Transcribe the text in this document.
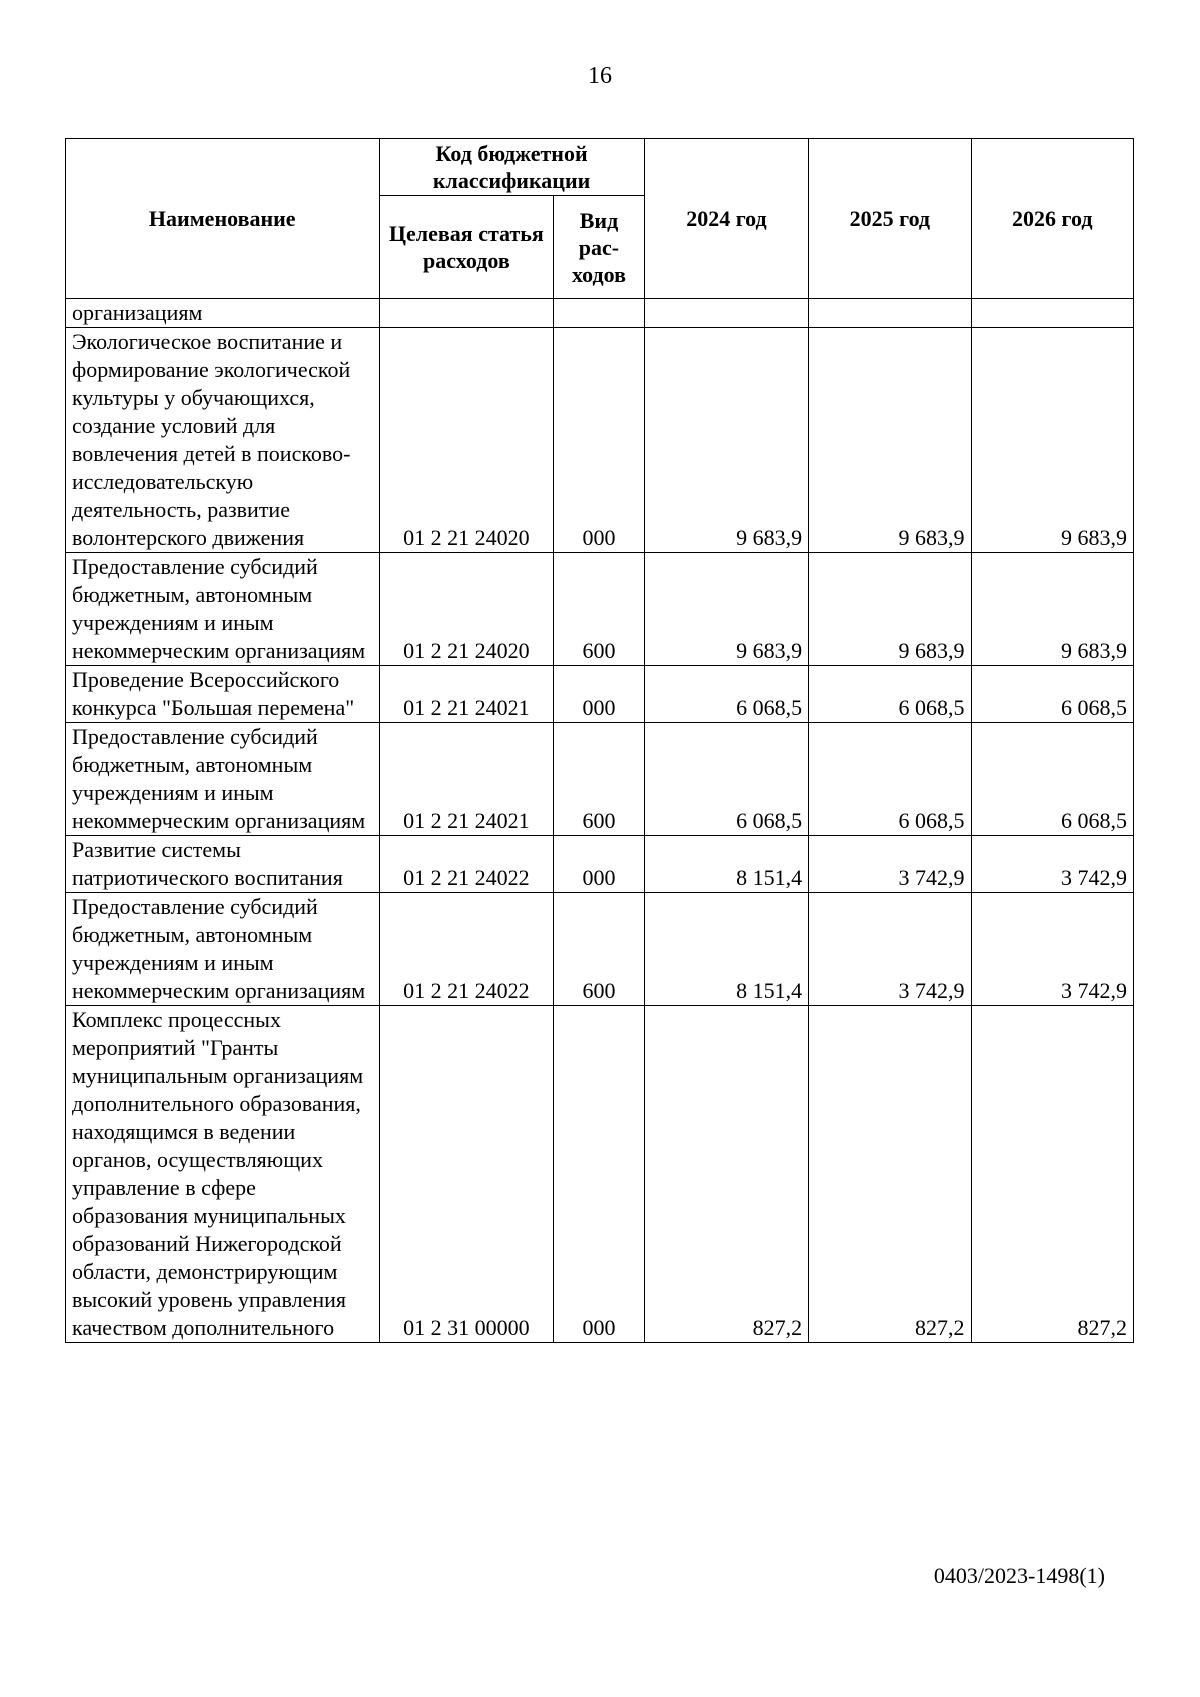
16
Наименование	Код бюджетной классификации		2024 год	2025 год	2026 год
	Целевая статья расходов	Вид рас-ходов			
организациям					
Экологическое воспитание и формирование экологической культуры у обучающихся, создание условий для вовлечения детей в поисково-исследовательскую деятельность, развитие волонтерского движения	01 2 21 24020	000	9 683,9	9 683,9	9 683,9
Предоставление субсидий бюджетным, автономным учреждениям и иным некоммерческим организациям	01 2 21 24020	600	9 683,9	9 683,9	9 683,9
Проведение Всероссийского конкурса "Большая перемена"	01 2 21 24021	000	6 068,5	6 068,5	6 068,5
Предоставление субсидий бюджетным, автономным учреждениям и иным некоммерческим организациям	01 2 21 24021	600	6 068,5	6 068,5	6 068,5
Развитие системы патриотического воспитания	01 2 21 24022	000	8 151,4	3 742,9	3 742,9
Предоставление субсидий бюджетным, автономным учреждениям и иным некоммерческим организациям	01 2 21 24022	600	8 151,4	3 742,9	3 742,9
Комплекс процессных мероприятий "Гранты муниципальным организациям дополнительного образования, находящимся в ведении органов, осуществляющих управление в сфере образования муниципальных образований Нижегородской области, демонстрирующим высокий уровень управления качеством дополнительного	01 2 31 00000	000	827,2	827,2	827,2
0403/2023-1498(1)
